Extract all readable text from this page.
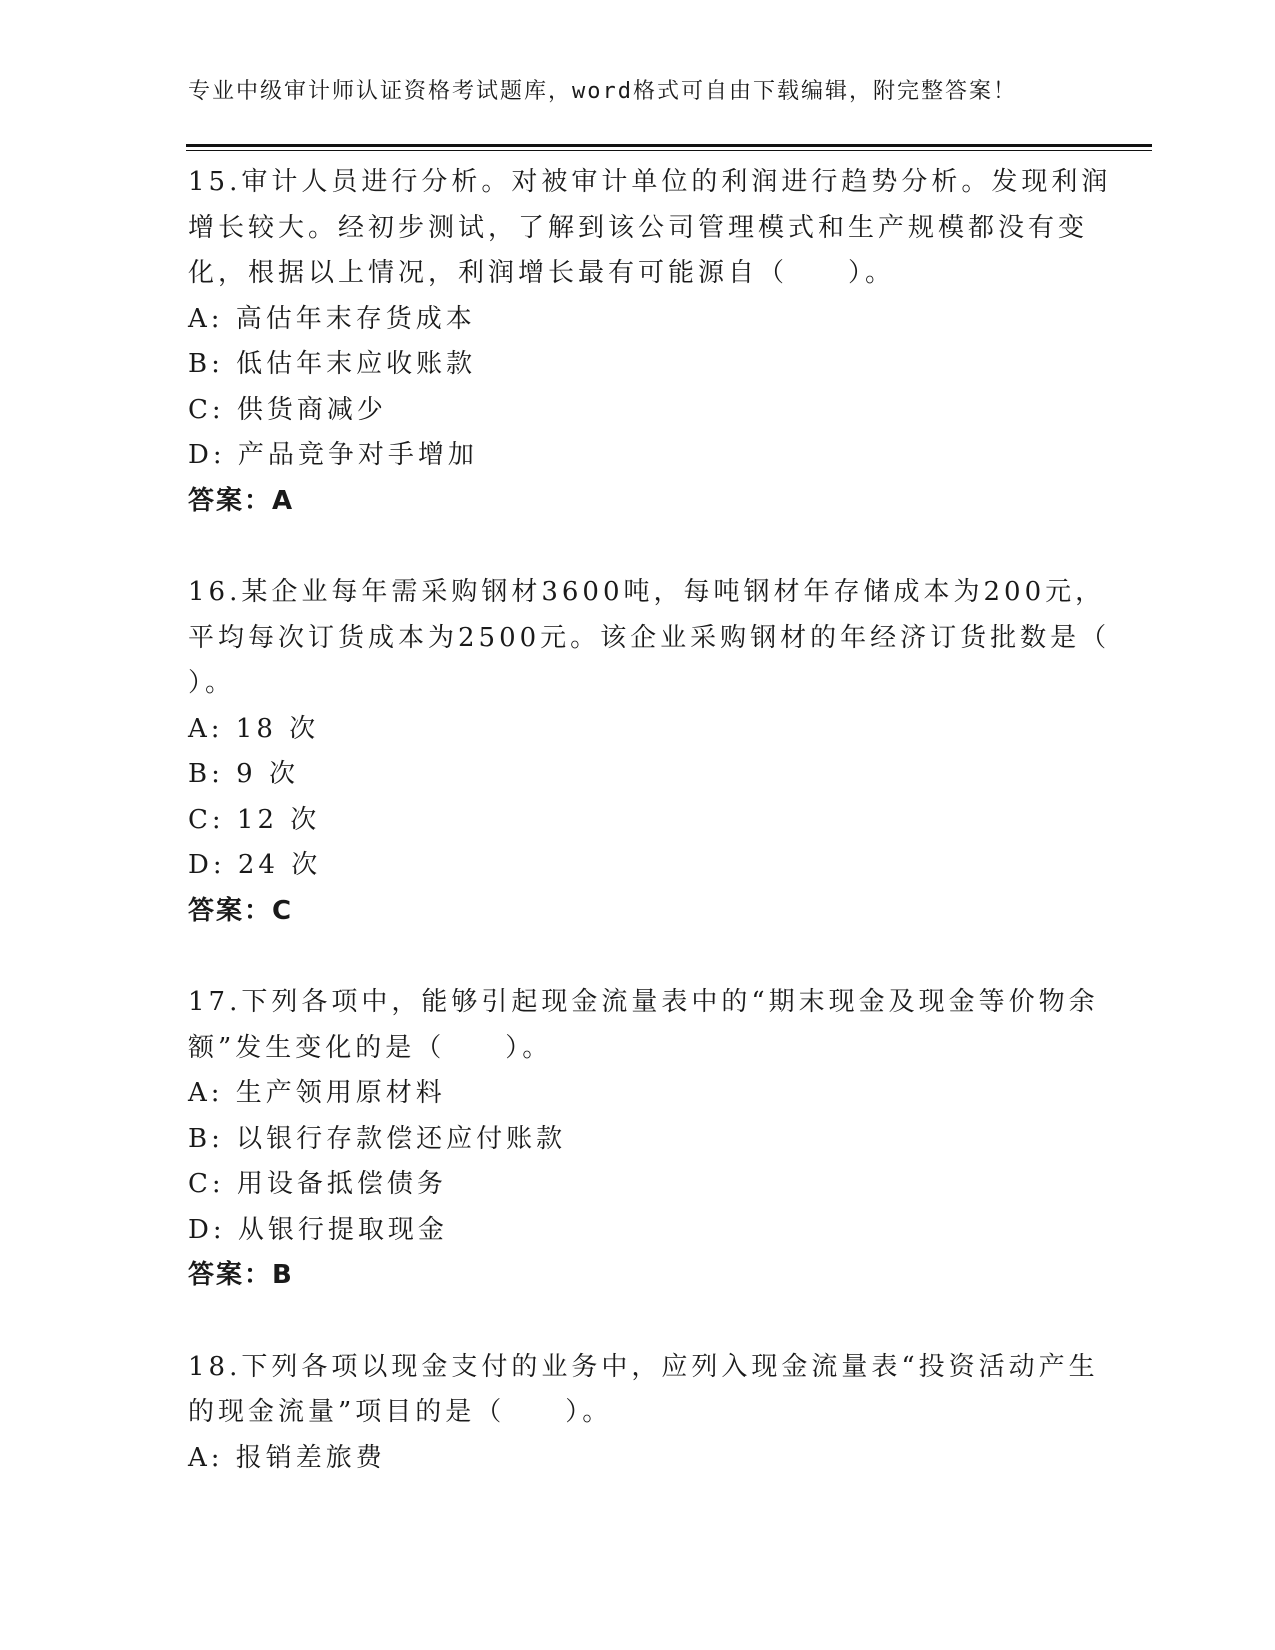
专业中级审计师认证资格考试题库，word格式可自由下载编辑，附完整答案！
15.审计人员进行分析。对被审计单位的利润进行趋势分析。发现利润
增长较大。经初步测试，了解到该公司管理模式和生产规模都没有变
化，根据以上情况，利润增长最有可能源自（　　）。
A: 高估年末存货成本
B: 低估年末应收账款
C: 供货商减少
D: 产品竞争对手增加
答案：A
16.某企业每年需采购钢材3600吨，每吨钢材年存储成本为200元，
平均每次订货成本为2500元。该企业采购钢材的年经济订货批数是（
）。
A: 18 次
B: 9 次
C: 12 次
D: 24 次
答案：C
17.下列各项中，能够引起现金流量表中的“期末现金及现金等价物余
额”发生变化的是（　　）。
A: 生产领用原材料
B: 以银行存款偿还应付账款
C: 用设备抵偿债务
D: 从银行提取现金
答案：B
18.下列各项以现金支付的业务中，应列入现金流量表“投资活动产生
的现金流量”项目的是（　　）。
A: 报销差旅费
